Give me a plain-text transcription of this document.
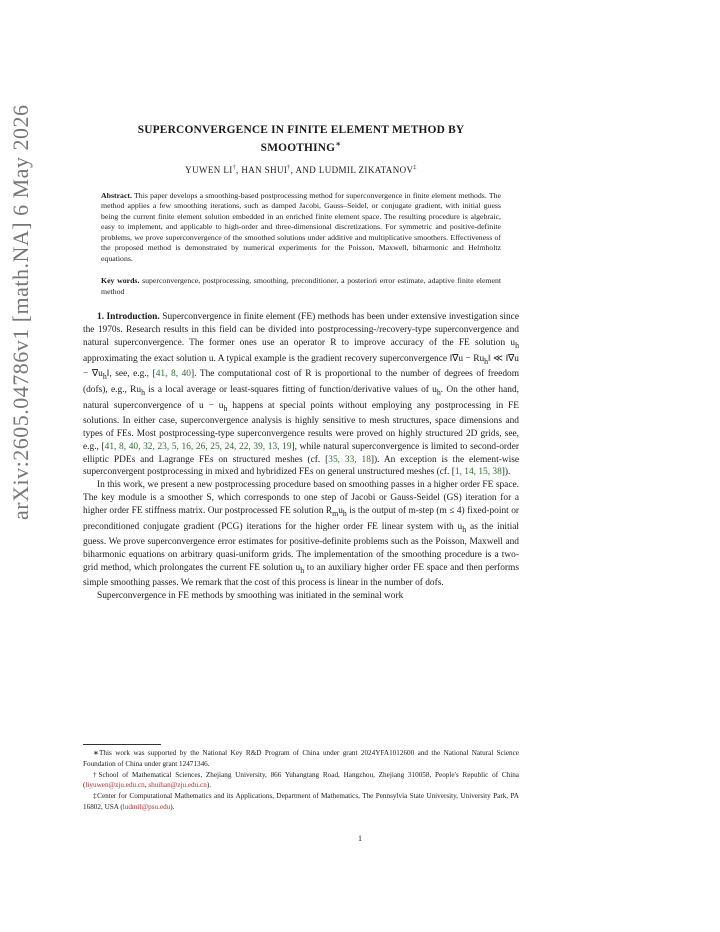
arXiv:2605.04786v1 [math.NA] 6 May 2026	SUPERCONVERGENCE IN FINITE ELEMENT METHOD BY
SMOOTHING∗
YUWEN LI†, HAN SHUI†, AND LUDMIL ZIKATANOV‡
Abstract. This paper develops a smoothing-based postprocessing method for superconvergence in finite element methods. The method applies a few smoothing iterations, such as damped Jacobi, Gauss–Seidel, or conjugate gradient, with initial guess being the current finite element solution embedded in an enriched finite element space. The resulting procedure is algebraic, easy to implement, and applicable to high-order and three-dimensional discretizations. For symmetric and positive-definite problems, we prove superconvergence of the smoothed solutions under additive and multiplicative smoothers. Effectiveness of the proposed method is demonstrated by numerical experiments for the Poisson, Maxwell, biharmonic and Helmholtz equations.
Key words. superconvergence, postprocessing, smoothing, preconditioner, a posteriori error estimate, adaptive finite element method

1. Introduction. Superconvergence in finite element (FE) methods has been under extensive investigation since the 1970s. Research results in this field can be divided into postprocessing-/recovery-type superconvergence and natural superconvergence. The former ones use an operator R to improve accuracy of the FE solution $u_h$ approximating the exact solution u. A typical example is the gradient recovery superconvergence ‖∇u − $Ru_h‖$ ≪ ‖∇u − $\nabla u_h‖$, see, e.g., [41, 8, 40]. The computational cost of R is proportional to the number of degrees of freedom (dofs), e.g., $Ru_h$ is a local average or least-squares fitting of function/derivative values of $u_h$. On the other hand, natural superconvergence of $u - u_h$ happens at special points without employing any postprocessing in FE solutions. In either case, superconvergence analysis is highly sensitive to mesh structures, space dimensions and types of FEs. Most postprocessing-type superconvergence results were proved on highly structured 2D grids, see, e.g., [41, 8, 40, 32, 23, 5, 16, 26, 25, 24, 22, 39, 13, 19], while natural superconvergence is limited to second-order elliptic PDEs and Lagrange FEs on structured meshes (cf. [35, 33, 18]). An exception is the element-wise superconvergent postprocessing in mixed and hybridized FEs on general unstructured meshes (cf. [1, 14, 15, 38]).

In this work, we present a new postprocessing procedure based on smoothing passes in a higher order FE space. The key module is a smoother S, which corresponds to one step of Jacobi or Gauss-Seidel (GS) iteration for a higher order FE stiffness matrix. Our postprocessed FE solution $R_mu_h$ is the output of m-step (m ≤ 4) fixed-point or preconditioned conjugate gradient (PCG) iterations for the higher order FE linear system with $u_h$ as the initial guess. We prove superconvergence error estimates for positive-definite problems such as the Poisson, Maxwell and biharmonic equations on arbitrary quasi-uniform grids. The implementation of the smoothing procedure is a two-grid method, which prolongates the current FE solution $u_h$ to an auxiliary higher order FE space and then performs simple smoothing passes. We remark that the cost of this process is linear in the number of dofs.

Superconvergence in FE methods by smoothing was initiated in the seminal work

∗This work was supported by the National Key R&D Program of China under grant 2024YFA1012600 and the National Natural Science Foundation of China under grant 12471346.

†School of Mathematical Sciences, Zhejiang University, 866 Yuhangtang Road, Hangzhou, Zhejiang 310058, People's Republic of China (liyuwen@zju.edu.cn, shuihan@zju.edu.cn).

‡Center for Computational Mathematics and its Applications, Department of Mathematics, The Pennsylvia State University, University Park, PA 16802, USA (ludmil@psu.edu).

1
